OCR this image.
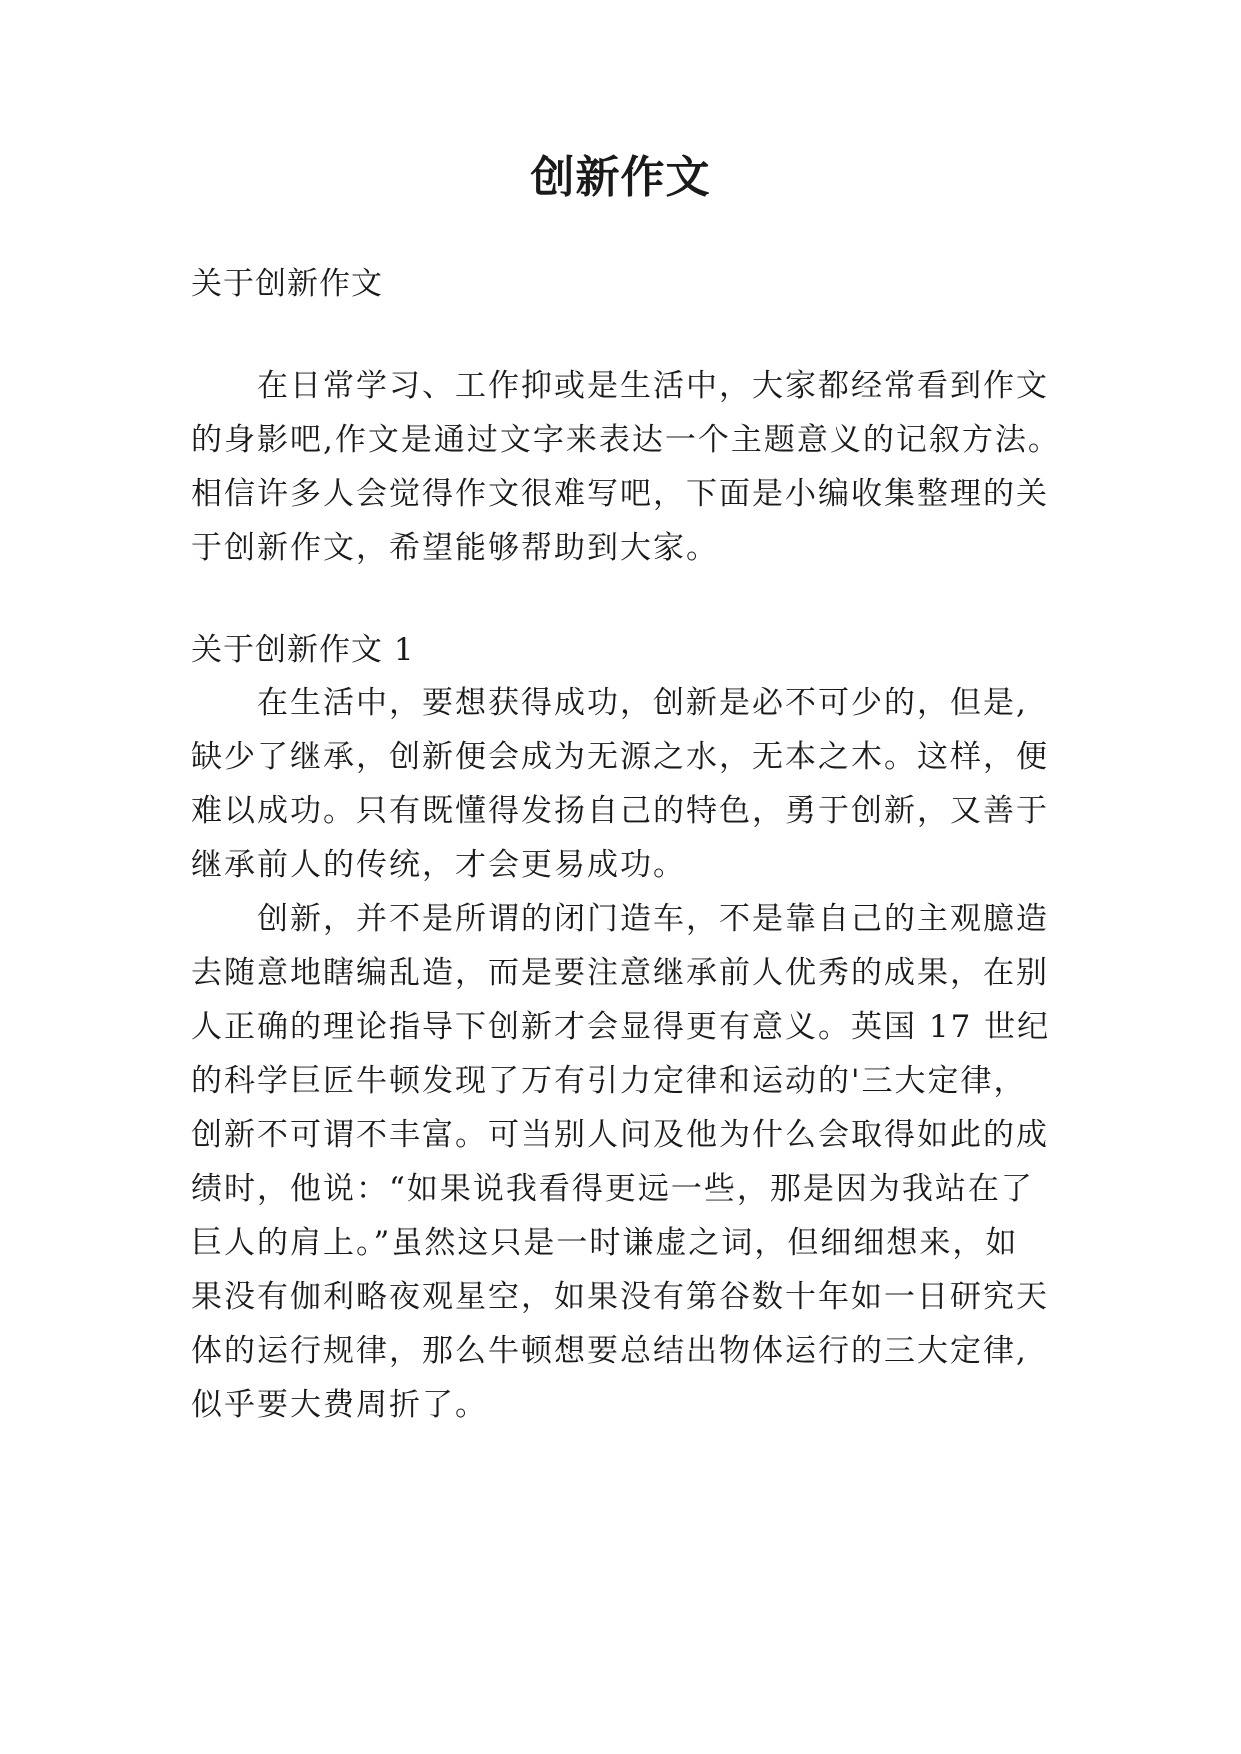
创新作文
关于创新作文
在日常学习、工作抑或是生活中，大家都经常看到作文
的身影吧,作文是通过文字来表达一个主题意义的记叙方法。
相信许多人会觉得作文很难写吧，下面是小编收集整理的关
于创新作文，希望能够帮助到大家。
关于创新作文 1
在生活中，要想获得成功，创新是必不可少的，但是,
缺少了继承，创新便会成为无源之水，无本之木。这样，便
难以成功。只有既懂得发扬自己的特色，勇于创新，又善于
继承前人的传统，才会更易成功。
创新，并不是所谓的闭门造车，不是靠自己的主观臆造
去随意地瞎编乱造，而是要注意继承前人优秀的成果，在别
人正确的理论指导下创新才会显得更有意义。英国 17 世纪
的科学巨匠牛顿发现了万有引力定律和运动的'三大定律，
创新不可谓不丰富。可当别人问及他为什么会取得如此的成
绩时，他说：“如果说我看得更远一些，那是因为我站在了
巨人的肩上。”虽然这只是一时谦虚之词，但细细想来，如
果没有伽利略夜观星空，如果没有第谷数十年如一日研究天
体的运行规律，那么牛顿想要总结出物体运行的三大定律,
似乎要大费周折了。
